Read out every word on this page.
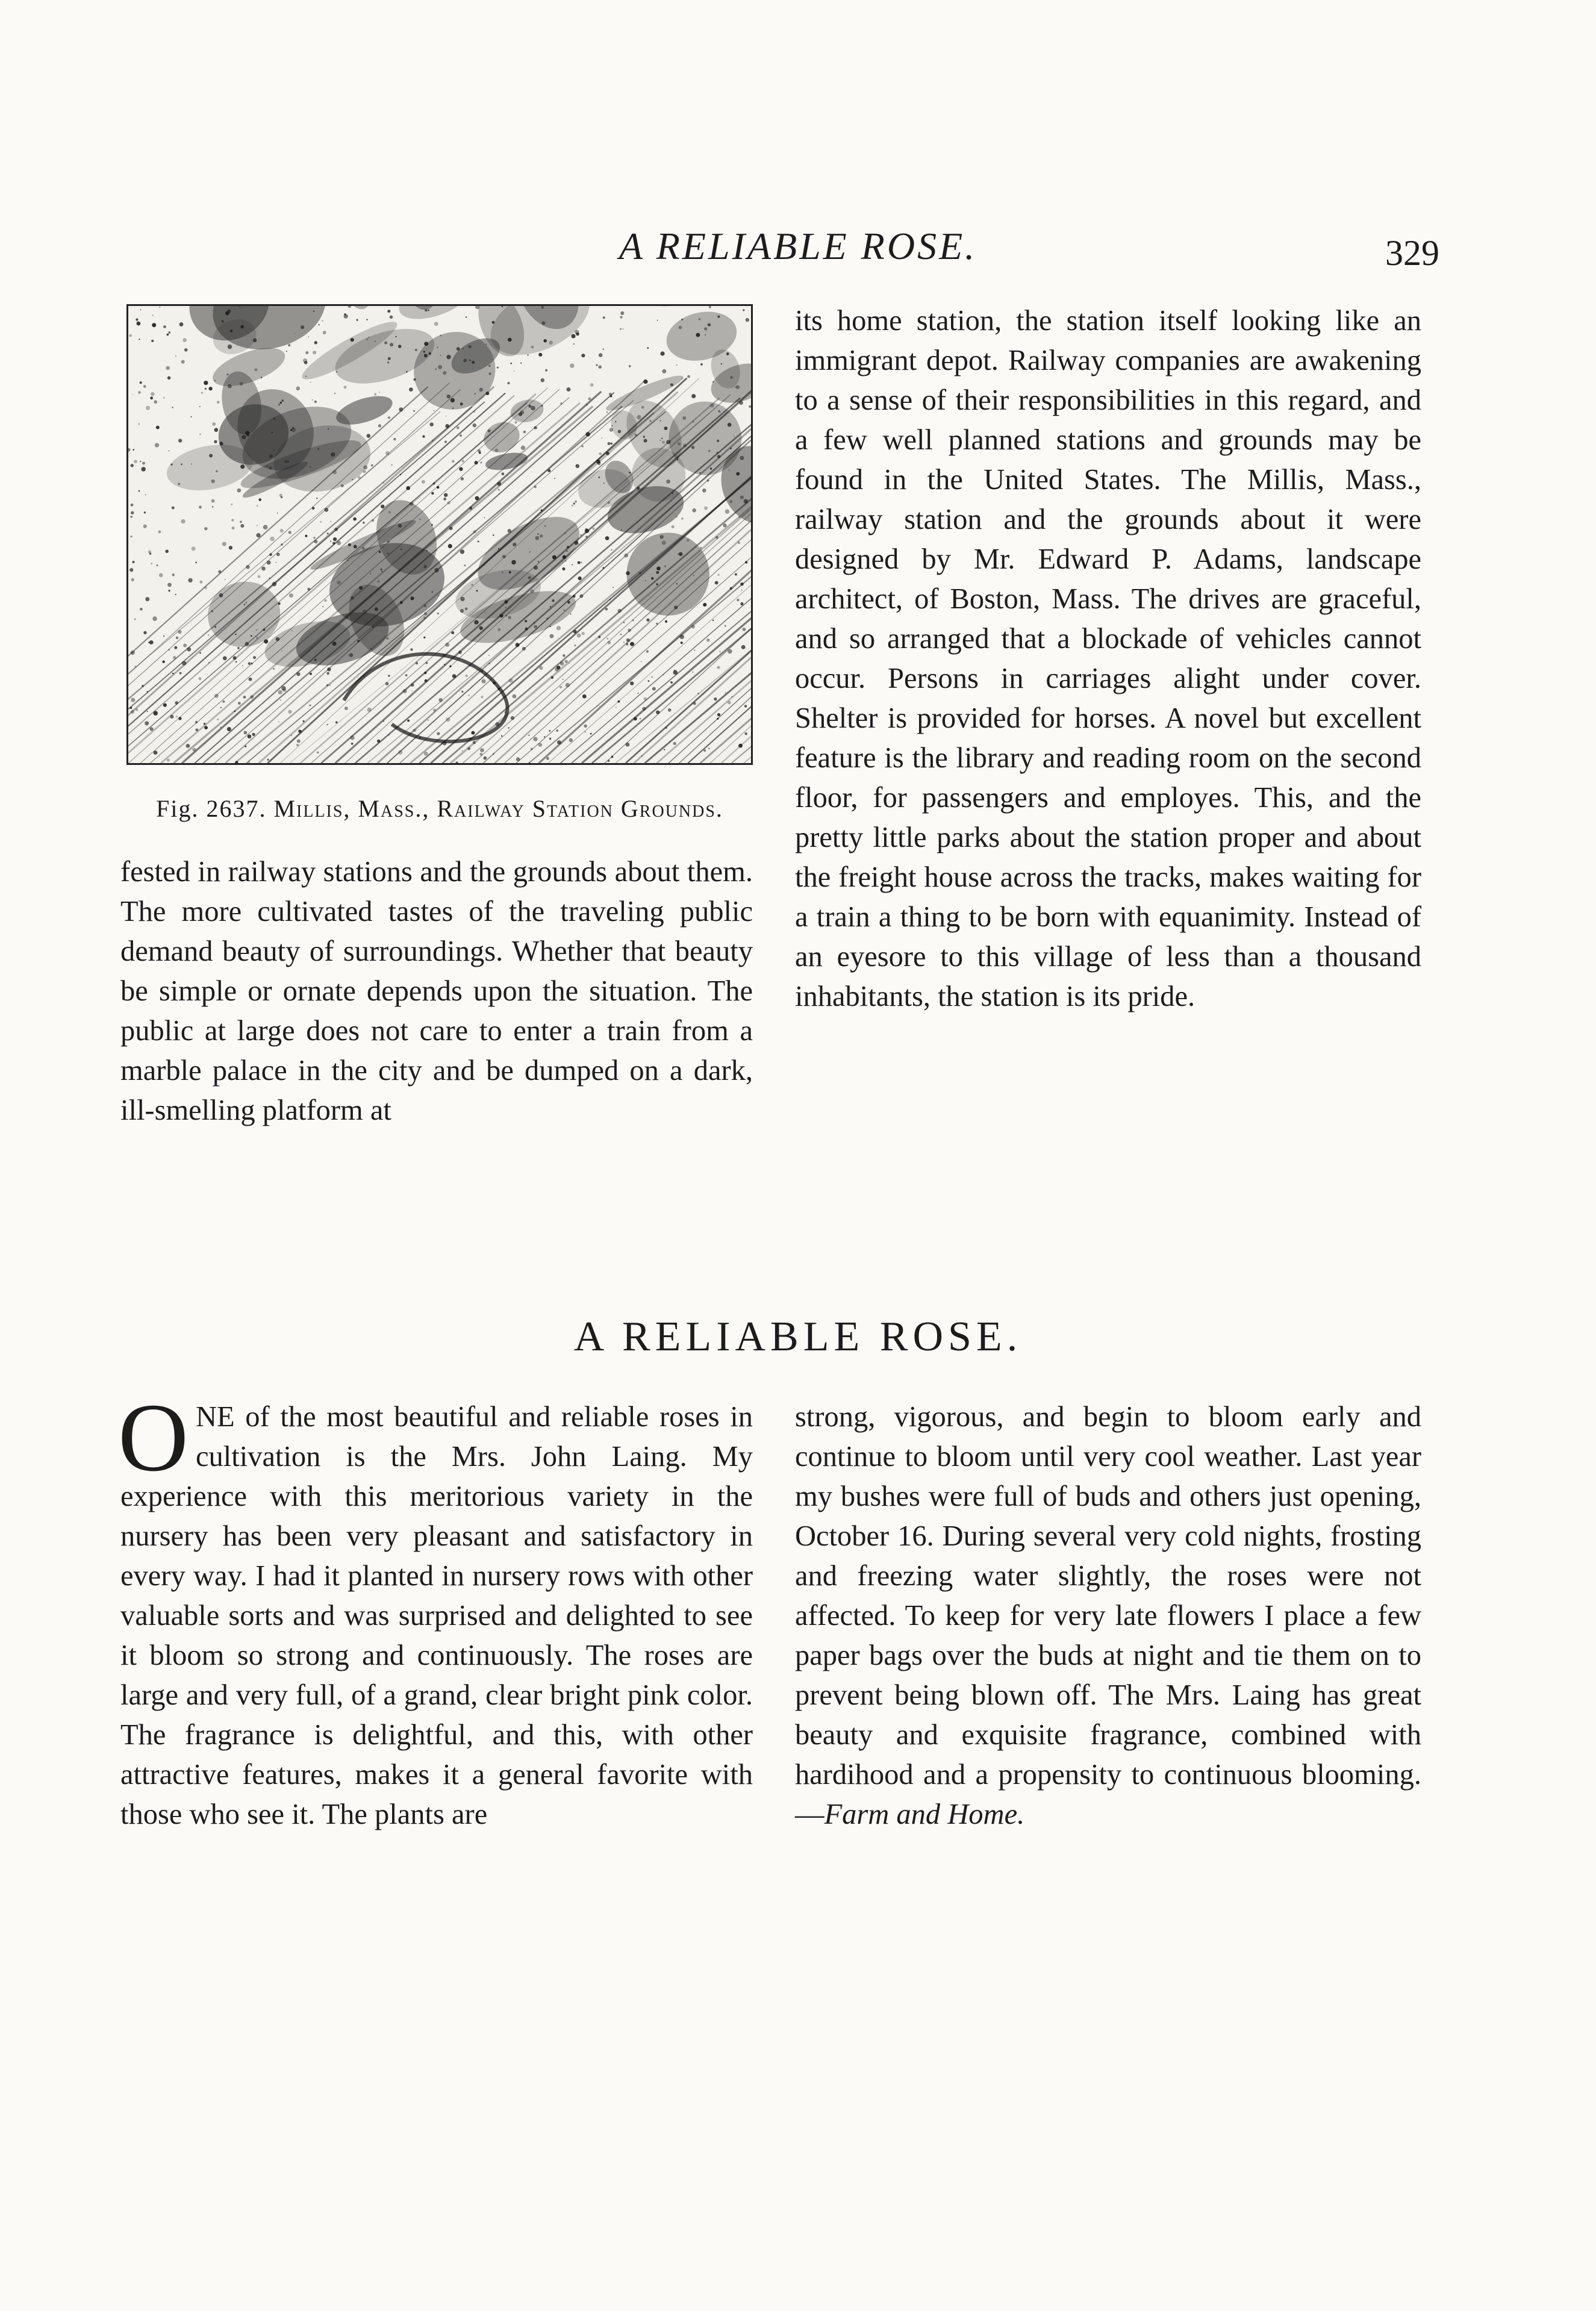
A RELIABLE ROSE.	329
Fig. 2637. Millis, Mass., Railway Station Grounds.

fested in railway stations and the grounds about them. The more cultivated tastes of the traveling public demand beauty of surroundings. Whether that beauty be simple or ornate depends upon the situation. The public at large does not care to enter a train from a marble palace in the city and be dumped on a dark, ill-smelling platform at

its home station, the station itself looking like an immigrant depot. Railway companies are awakening to a sense of their responsibilities in this regard, and a few well planned stations and grounds may be found in the United States. The Millis, Mass., railway station and the grounds about it were designed by Mr. Edward P. Adams, landscape architect, of Boston, Mass. The drives are graceful, and so arranged that a blockade of vehicles cannot occur. Persons in carriages alight under cover. Shelter is provided for horses. A novel but excellent feature is the library and reading room on the second floor, for passengers and employes. This, and the pretty little parks about the station proper and about the freight house across the tracks, makes waiting for a train a thing to be born with equanimity. Instead of an eyesore to this village of less than a thousand inhabitants, the station is its pride.

A RELIABLE ROSE.

ONE of the most beautiful and reliable roses in cultivation is the Mrs. John Laing. My experience with this meritorious variety in the nursery has been very pleasant and satisfactory in every way. I had it planted in nursery rows with other valuable sorts and was surprised and delighted to see it bloom so strong and continuously. The roses are large and very full, of a grand, clear bright pink color. The fragrance is delightful, and this, with other attractive features, makes it a general favorite with those who see it. The plants are

strong, vigorous, and begin to bloom early and continue to bloom until very cool weather. Last year my bushes were full of buds and others just opening, October 16. During several very cold nights, frosting and freezing water slightly, the roses were not affected. To keep for very late flowers I place a few paper bags over the buds at night and tie them on to prevent being blown off. The Mrs. Laing has great beauty and exquisite fragrance, combined with hardihood and a propensity to continuous blooming.—Farm and Home.
